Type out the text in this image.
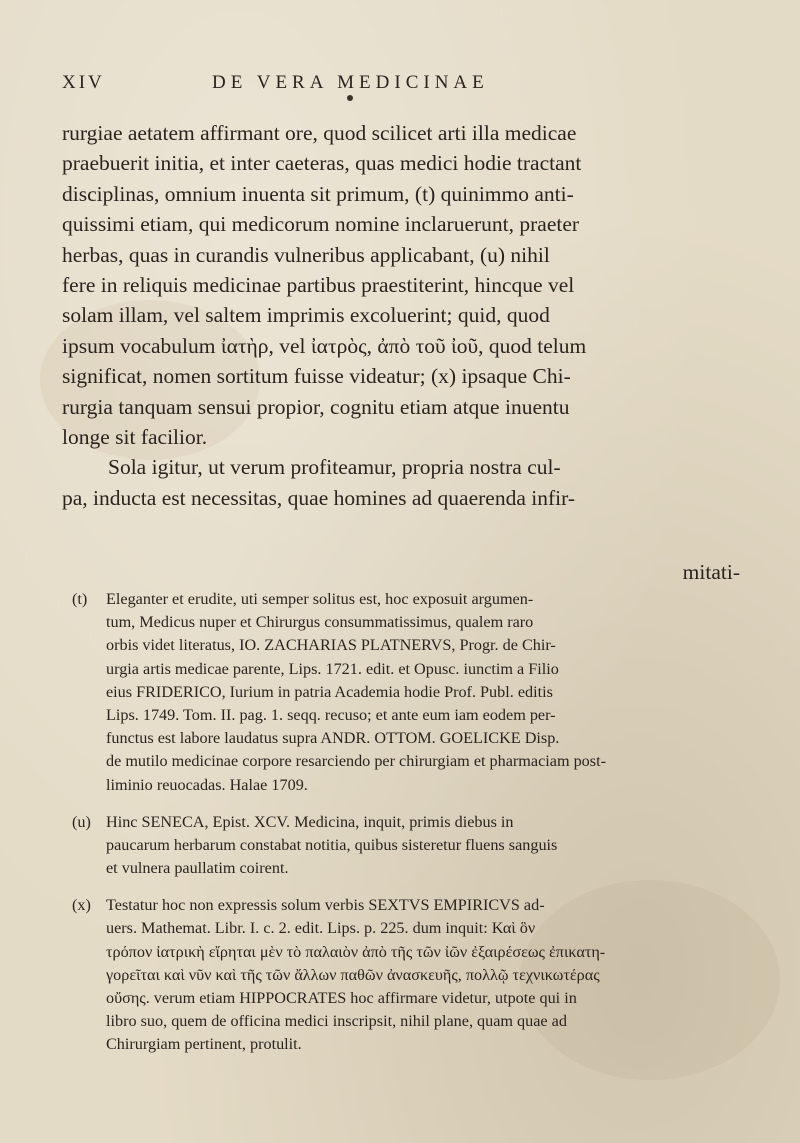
XIV	DE VERA MEDICINAE
rurgiae aetatem affirmant ore, quod scilicet arti illa medicae
praebuerit initia, et inter caeteras, quas medici hodie tractant
disciplinas, omnium inuenta sit primum, (t) quinimmo anti-
quissimi etiam, qui medicorum nomine inclaruerunt, praeter
herbas, quas in curandis vulneribus applicabant, (u) nihil
fere in reliquis medicinae partibus praestiterint, hincque vel
solam illam, vel saltem imprimis excoluerint; quid, quod
ipsum vocabulum ἰατὴρ, vel ἰατρὸς, ἀπὸ τοῦ ἰοῦ, quod telum
significat, nomen sortitum fuisse videatur; (x) ipsaque Chi-
rurgia tanquam sensui propior, cognitu etiam atque inuentu
longe sit facilior.
Sola igitur, ut verum profiteamur, propria nostra cul-
pa, inducta est necessitas, quae homines ad quaerenda infir-
mitati-
(t) Eleganter et erudite, uti semper solitus est, hoc exposuit argumen-
tum, Medicus nuper et Chirurgus consummatissimus, qualem raro
orbis videt literatus, IO. ZACHARIAS PLATNERVS, Progr. de Chir-
urgia artis medicae parente, Lips. 1721. edit. et Opusc. iunctim a Filio
eius FRIDERICO, Iurium in patria Academia hodie Prof. Publ. editis
Lips. 1749. Tom. II. pag. 1. seqq. recuso; et ante eum iam eodem per-
functus est labore laudatus supra ANDR. OTTOM. GOELICKE Disp.
de mutilo medicinae corpore resarciendo per chirurgiam et pharmaciam post-
liminio reuocadas. Halae 1709.
(u) Hinc SENECA, Epist. XCV. Medicina, inquit, primis diebus in
paucarum herbarum constabat notitia, quibus sisteretur fluens sanguis
et vulnera paullatim coirent.
(x) Testatur hoc non expressis solum verbis SEXTVS EMPIRICVS ad-
uers. Mathemat. Libr. I. c. 2. edit. Lips. p. 225. dum inquit: Καὶ ὃν
τρόπον ἰατρικὴ εἴρηται μὲν τὸ παλαιὸν ἀπὸ τῆς τῶν ἰῶν ἐξαιρέσεως ἐπικατη-
γορεῖται καὶ νῦν καὶ τῆς τῶν ἄλλων παθῶν ἀνασκευῆς, πολλῷ τεχνικωτέρας
οὔσης. verum etiam HIPPOCRATES hoc affirmare videtur, utpote qui in
libro suo, quem de officina medici inscripsit, nihil plane, quam quae ad
Chirurgiam pertinent, protulit.
